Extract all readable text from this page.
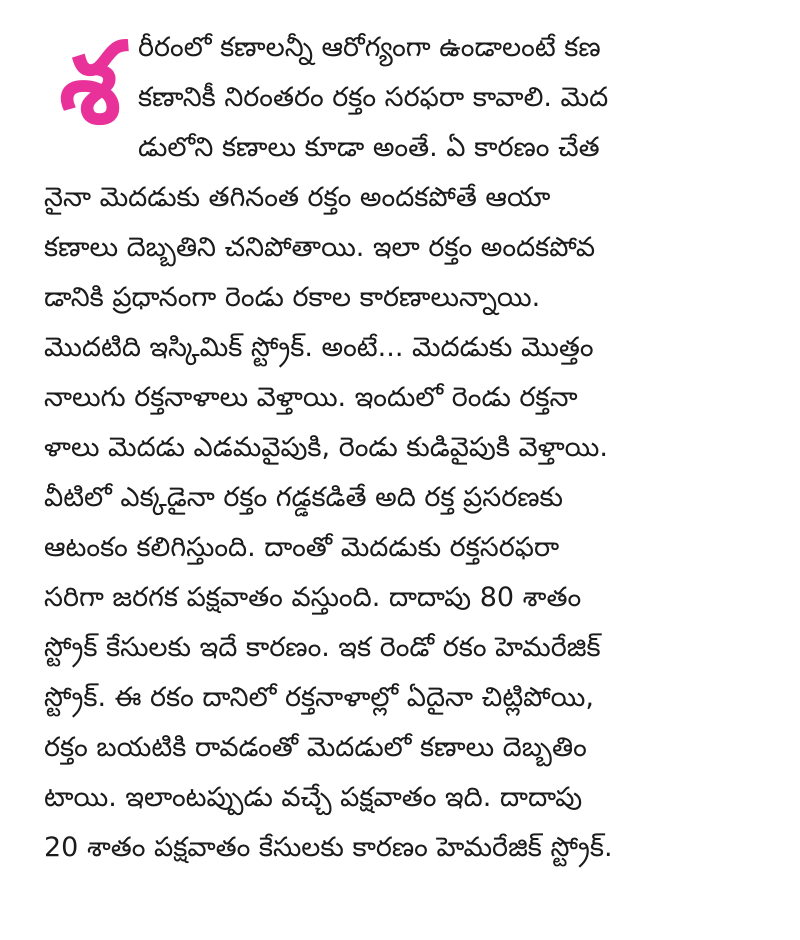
శ రీరంలో కణాలన్నీ ఆరోగ్యంగా ఉండాలంటే కణ
కణానికీ నిరంతరం రక్తం సరఫరా కావాలి. మెద
డులోని కణాలు కూడా అంతే. ఏ కారణం చేత
నైనా మెదడుకు తగినంత రక్తం అందకపోతే ఆయా
కణాలు దెబ్బతిని చనిపోతాయి. ఇలా రక్తం అందకపోవ
డానికి ప్రధానంగా రెండు రకాల కారణాలున్నాయి.
మొదటిది ఇస్కిమిక్ స్ట్రోక్. అంటే... మెదడుకు మొత్తం
నాలుగు రక్తనాళాలు వెళ్తాయి. ఇందులో రెండు రక్తనా
ళాలు మెదడు ఎడమవైపుకి, రెండు కుడివైపుకి వెళ్తాయి.
వీటిలో ఎక్కడైనా రక్తం గడ్డకడితే అది రక్త ప్రసరణకు
ఆటంకం కలిగిస్తుంది. దాంతో మెదడుకు రక్తసరఫరా
సరిగా జరగక పక్షవాతం వస్తుంది. దాదాపు 80 శాతం
స్ట్రోక్ కేసులకు ఇదే కారణం. ఇక రెండో రకం హెమరేజిక్
స్ట్రోక్. ఈ రకం దానిలో రక్తనాళాల్లో ఏదైనా చిట్లిపోయి,
రక్తం బయటికి రావడంతో మెదడులో కణాలు దెబ్బతిం
టాయి. ఇలాంటప్పుడు వచ్చే పక్షవాతం ఇది. దాదాపు
20 శాతం పక్షవాతం కేసులకు కారణం హెమరేజిక్ స్ట్రోక్.
